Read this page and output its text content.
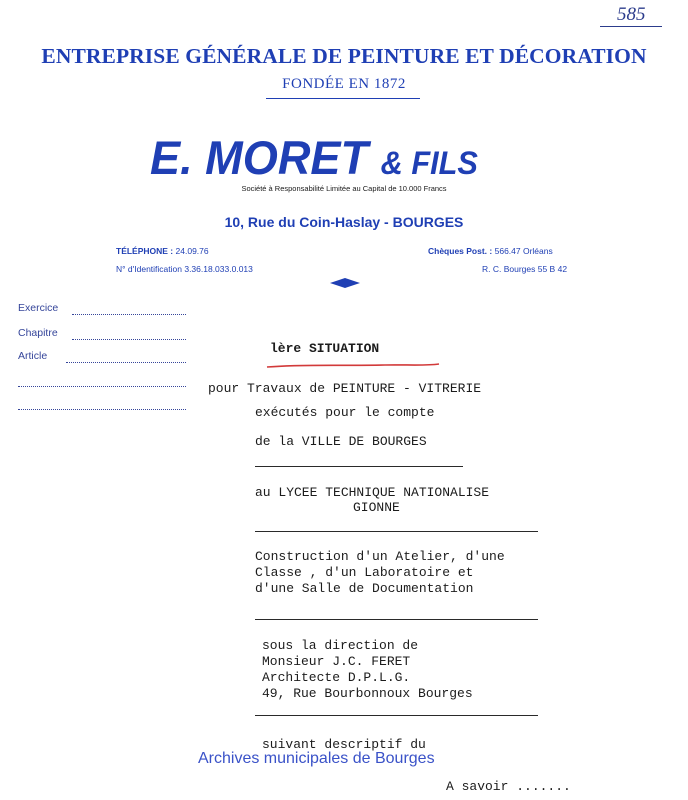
585
ENTREPRISE GÉNÉRALE DE PEINTURE ET DÉCORATION
FONDÉE EN 1872
E. MORET & FILS
Société à Responsabilité Limitée au Capital de 10.000 Francs
10, Rue du Coin-Haslay - BOURGES
TÉLÉPHONE : 24.09.76
N° d'Identification 3.36.18.033.0.013
Chèques Post. : 566.47 Orléans
R. C. Bourges 55 B 42
Exercice
Chapitre
Article	lère SITUATION
pour Travaux de PEINTURE - VITRERIE
exécutés pour le compte
de la VILLE DE BOURGES
au LYCEE TECHNIQUE NATIONALISE
GIONNE
Construction d'un Atelier, d'une
Classe , d'un Laboratoire et
d'une Salle de Documentation
sous la direction de
Monsieur J.C. FERET
Architecte D.P.L.G.
49, Rue Bourbonnoux Bourges
suivant descriptif du
A savoir .......
Archives municipales de Bourges
